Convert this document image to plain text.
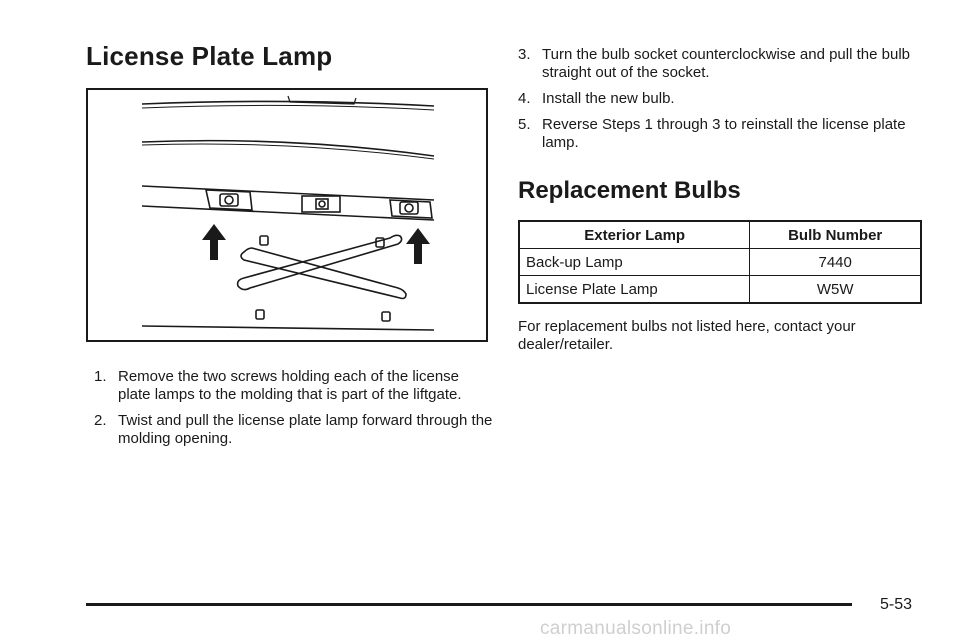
License Plate Lamp
1. Remove the two screws holding each of the license plate lamps to the molding that is part of the liftgate.
2. Twist and pull the license plate lamp forward through the molding opening.
3. Turn the bulb socket counterclockwise and pull the bulb straight out of the socket.
4. Install the new bulb.
5. Reverse Steps 1 through 3 to reinstall the license plate lamp.
Replacement Bulbs
Exterior Lamp	Bulb Number
Back-up Lamp	7440
License Plate Lamp	W5W

For replacement bulbs not listed here, contact your dealer/retailer.

5-53
carmanualsonline.info
